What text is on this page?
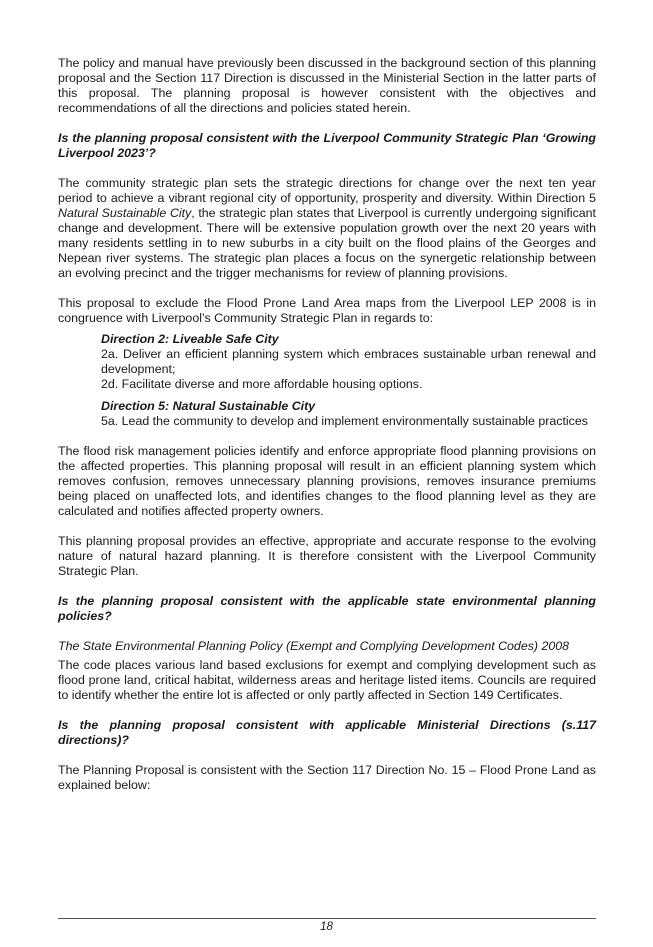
The policy and manual have previously been discussed in the background section of this planning proposal and the Section 117 Direction is discussed in the Ministerial Section in the latter parts of this proposal. The planning proposal is however consistent with the objectives and recommendations of all the directions and policies stated herein.

Is the planning proposal consistent with the Liverpool Community Strategic Plan ‘Growing Liverpool 2023’?

The community strategic plan sets the strategic directions for change over the next ten year period to achieve a vibrant regional city of opportunity, prosperity and diversity. Within Direction 5 Natural Sustainable City, the strategic plan states that Liverpool is currently undergoing significant change and development. There will be extensive population growth over the next 20 years with many residents settling in to new suburbs in a city built on the flood plains of the Georges and Nepean river systems. The strategic plan places a focus on the synergetic relationship between an evolving precinct and the trigger mechanisms for review of planning provisions.

This proposal to exclude the Flood Prone Land Area maps from the Liverpool LEP 2008 is in congruence with Liverpool’s Community Strategic Plan in regards to:

Direction 2: Liveable Safe City

2a. Deliver an efficient planning system which embraces sustainable urban renewal and development;

2d. Facilitate diverse and more affordable housing options.

Direction 5: Natural Sustainable City

5a. Lead the community to develop and implement environmentally sustainable practices

The flood risk management policies identify and enforce appropriate flood planning provisions on the affected properties. This planning proposal will result in an efficient planning system which removes confusion, removes unnecessary planning provisions, removes insurance premiums being placed on unaffected lots, and identifies changes to the flood planning level as they are calculated and notifies affected property owners.

This planning proposal provides an effective, appropriate and accurate response to the evolving nature of natural hazard planning. It is therefore consistent with the Liverpool Community Strategic Plan.

Is the planning proposal consistent with the applicable state environmental planning policies?

The State Environmental Planning Policy (Exempt and Complying Development Codes) 2008

The code places various land based exclusions for exempt and complying development such as flood prone land, critical habitat, wilderness areas and heritage listed items. Councils are required to identify whether the entire lot is affected or only partly affected in Section 149 Certificates.

Is the planning proposal consistent with applicable Ministerial Directions (s.117 directions)?

The Planning Proposal is consistent with the Section 117 Direction No. 15 – Flood Prone Land as explained below:

18
